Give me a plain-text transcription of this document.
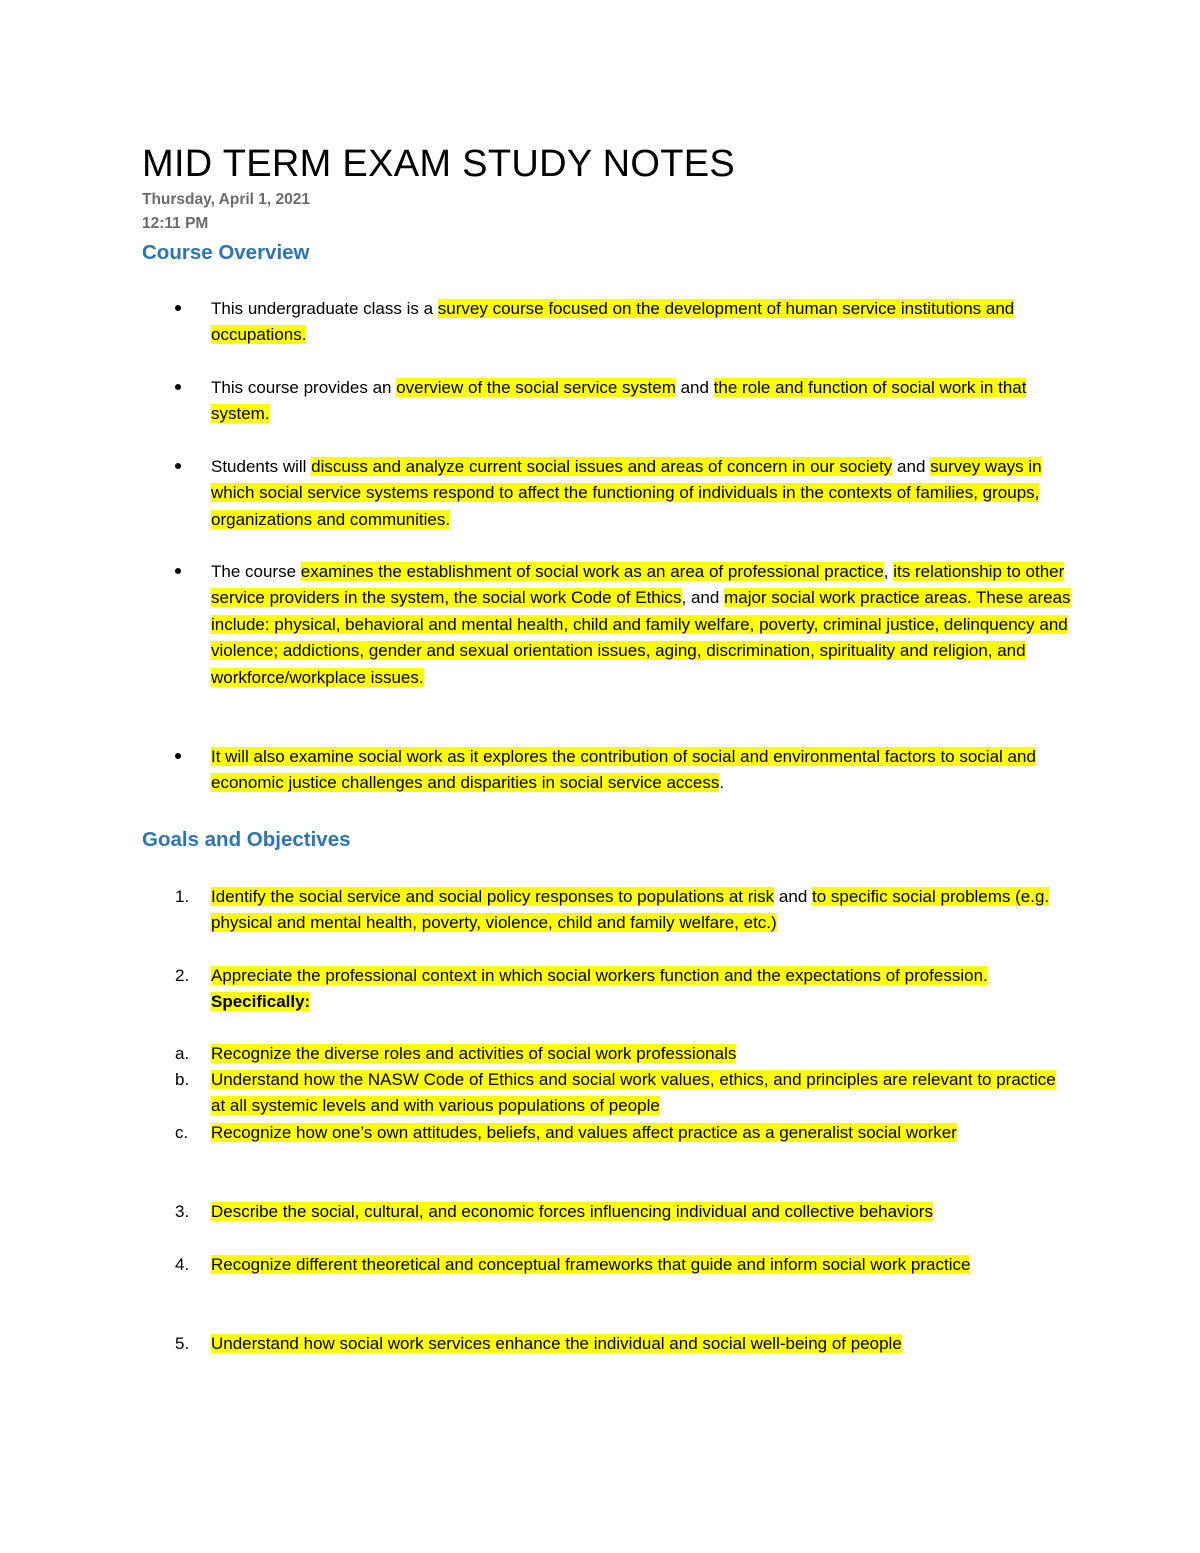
MID TERM EXAM STUDY NOTES
Thursday, April 1, 2021
12:11 PM
Course Overview
This undergraduate class is a survey course focused on the development of human service institutions and occupations.
This course provides an overview of the social service system and the role and function of social work in that system.
Students will discuss and analyze current social issues and areas of concern in our society and survey ways in which social service systems respond to affect the functioning of individuals in the contexts of families, groups, organizations and communities.
The course examines the establishment of social work as an area of professional practice, its relationship to other service providers in the system, the social work Code of Ethics, and major social work practice areas. These areas include: physical, behavioral and mental health, child and family welfare, poverty, criminal justice, delinquency and violence; addictions, gender and sexual orientation issues, aging, discrimination, spirituality and religion, and workforce/workplace issues.
It will also examine social work as it explores the contribution of social and environmental factors to social and economic justice challenges and disparities in social service access.
Goals and Objectives
1. Identify the social service and social policy responses to populations at risk and to specific social problems (e.g. physical and mental health, poverty, violence, child and family welfare, etc.)
2. Appreciate the professional context in which social workers function and the expectations of profession. Specifically:
a. Recognize the diverse roles and activities of social work professionals
b. Understand how the NASW Code of Ethics and social work values, ethics, and principles are relevant to practice at all systemic levels and with various populations of people
c. Recognize how one’s own attitudes, beliefs, and values affect practice as a generalist social worker
3. Describe the social, cultural, and economic forces influencing individual and collective behaviors
4. Recognize different theoretical and conceptual frameworks that guide and inform social work practice
5. Understand how social work services enhance the individual and social well-being of people
